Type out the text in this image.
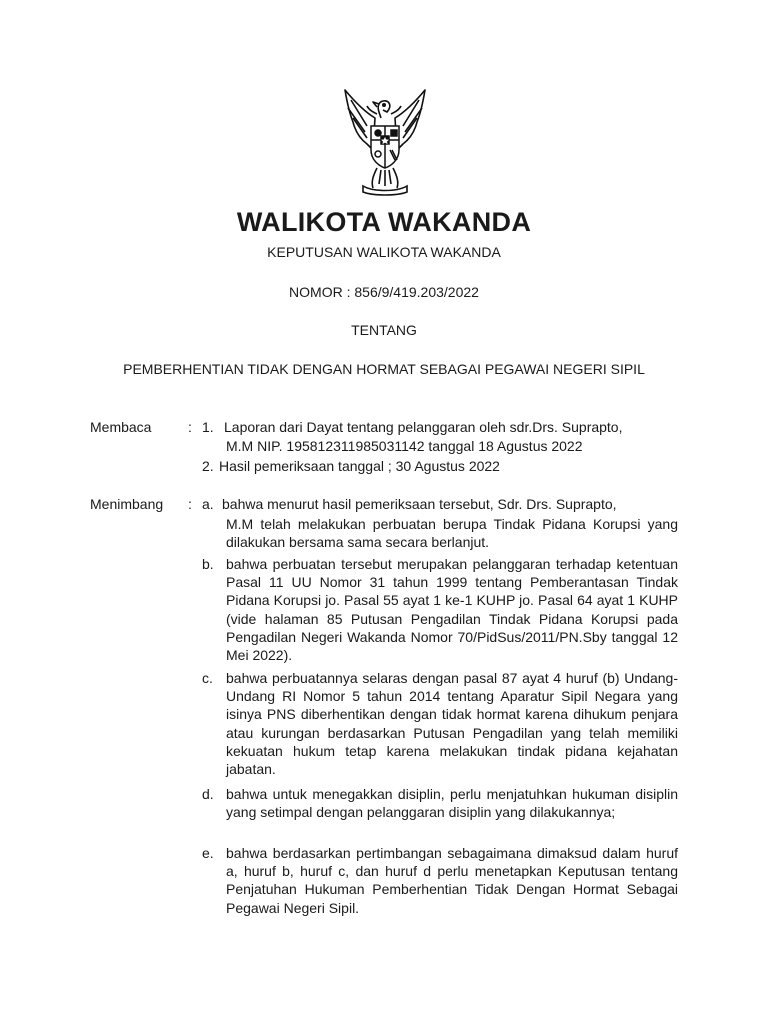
WALIKOTA WAKANDA
KEPUTUSAN WALIKOTA WAKANDA
NOMOR : 856/9/419.203/2022
TENTANG
PEMBERHENTIAN TIDAK DENGAN HORMAT SEBAGAI PEGAWAI NEGERI SIPIL
Membaca	: 1. Laporan dari Dayat tentang pelanggaran oleh sdr.Drs. Suprapto,
M.M NIP. 195812311985031142 tanggal 18 Agustus 2022
2. Hasil pemeriksaan tanggal ; 30 Agustus 2022
Menimbang : a. bahwa menurut hasil pemeriksaan tersebut, Sdr. Drs. Suprapto,
M.M telah melakukan perbuatan berupa Tindak Pidana Korupsi yang dilakukan bersama sama secara berlanjut.
b. bahwa perbuatan tersebut merupakan pelanggaran terhadap ketentuan Pasal 11 UU Nomor 31 tahun 1999 tentang Pemberantasan Tindak Pidana Korupsi jo. Pasal 55 ayat 1 ke-1 KUHP jo. Pasal 64 ayat 1 KUHP (vide halaman 85 Putusan Pengadilan Tindak Pidana Korupsi pada Pengadilan Negeri Wakanda Nomor 70/PidSus/2011/PN.Sby tanggal 12 Mei 2022).
c. bahwa perbuatannya selaras dengan pasal 87 ayat 4 huruf (b) Undang-Undang RI Nomor 5 tahun 2014 tentang Aparatur Sipil Negara yang isinya PNS diberhentikan dengan tidak hormat karena dihukum penjara atau kurungan berdasarkan Putusan Pengadilan yang telah memiliki kekuatan hukum tetap karena melakukan tindak pidana kejahatan jabatan.
d. bahwa untuk menegakkan disiplin, perlu menjatuhkan hukuman disiplin yang setimpal dengan pelanggaran disiplin yang dilakukannya;
e. bahwa berdasarkan pertimbangan sebagaimana dimaksud dalam huruf a, huruf b, huruf c, dan huruf d perlu menetapkan Keputusan tentang Penjatuhan Hukuman Pemberhentian Tidak Dengan Hormat Sebagai Pegawai Negeri Sipil.
